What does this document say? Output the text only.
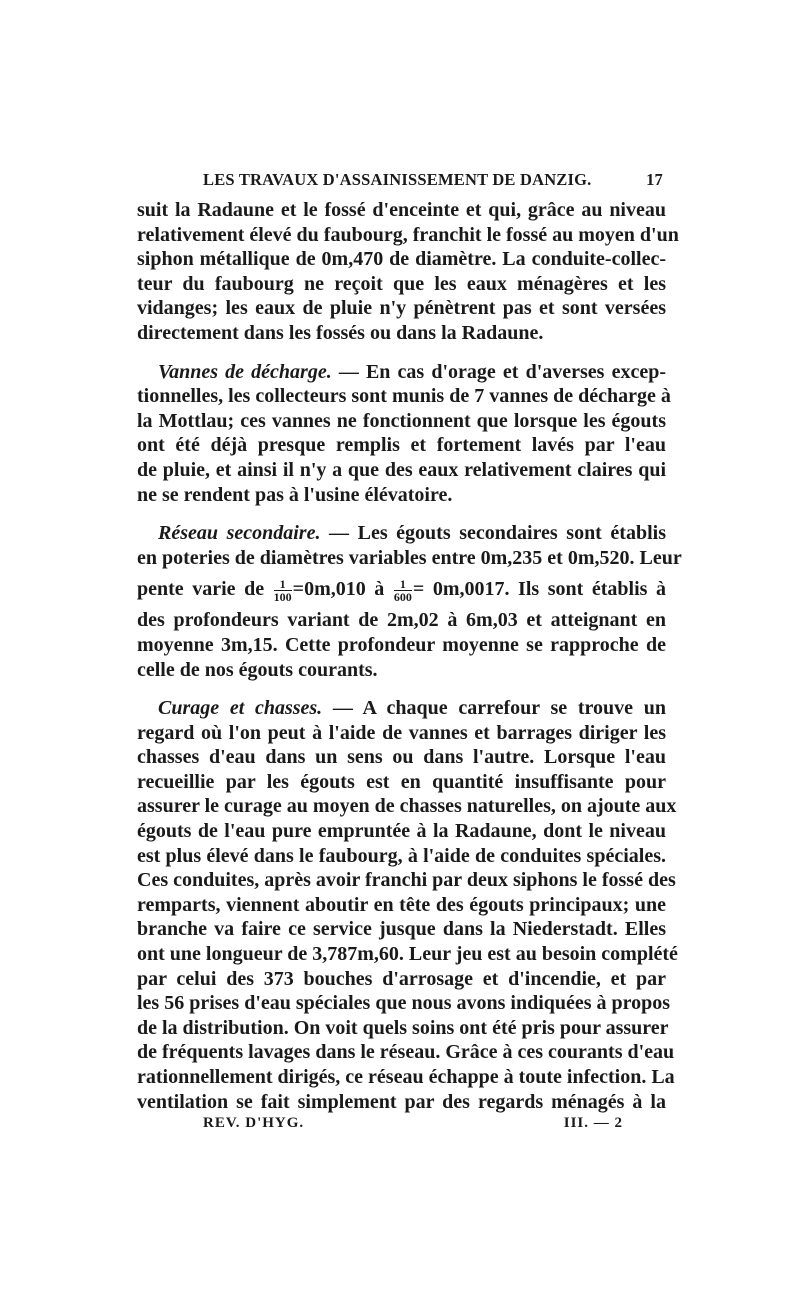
LES TRAVAUX D'ASSAINISSEMENT DE DANZIG.	17
suit la Radaune et le fossé d'enceinte et qui, grâce au niveau
relativement élevé du faubourg, franchit le fossé au moyen d'un
siphon métallique de 0m,470 de diamètre. La conduite-collec-
teur du faubourg ne reçoit que les eaux ménagères et les
vidanges; les eaux de pluie n'y pénètrent pas et sont versées
directement dans les fossés ou dans la Radaune.
Vannes de décharge. — En cas d'orage et d'averses excep-
tionnelles, les collecteurs sont munis de 7 vannes de décharge à
la Mottlau; ces vannes ne fonctionnent que lorsque les égouts
ont été déjà presque remplis et fortement lavés par l'eau
de pluie, et ainsi il n'y a que des eaux relativement claires qui
ne se rendent pas à l'usine élévatoire.
Réseau secondaire. — Les égouts secondaires sont établis
en poteries de diamètres variables entre 0m,235 et 0m,520. Leur
pente varie de $\frac{1}{100} =0m,010$ à $\frac{1}{600} = 0m,0017$. Ils sont établis à
des profondeurs variant de 2m,02 à 6m,03 et atteignant en
moyenne 3m,15. Cette profondeur moyenne se rapproche de
celle de nos égouts courants.
Curage et chasses. — A chaque carrefour se trouve un
regard où l'on peut à l'aide de vannes et barrages diriger les
chasses d'eau dans un sens ou dans l'autre. Lorsque l'eau
recueillie par les égouts est en quantité insuffisante pour
assurer le curage au moyen de chasses naturelles, on ajoute aux
égouts de l'eau pure empruntée à la Radaune, dont le niveau
est plus élevé dans le faubourg, à l'aide de conduites spéciales.
Ces conduites, après avoir franchi par deux siphons le fossé des
remparts, viennent aboutir en tête des égouts principaux; une
branche va faire ce service jusque dans la Niederstadt. Elles
ont une longueur de 3,787m,60. Leur jeu est au besoin complété
par celui des 373 bouches d'arrosage et d'incendie, et par
les 56 prises d'eau spéciales que nous avons indiquées à propos
de la distribution. On voit quels soins ont été pris pour assurer
de fréquents lavages dans le réseau. Grâce à ces courants d'eau
rationnellement dirigés, ce réseau échappe à toute infection. La
ventilation se fait simplement par des regards ménagés à la
REV. D'HYG.	III. — 2
